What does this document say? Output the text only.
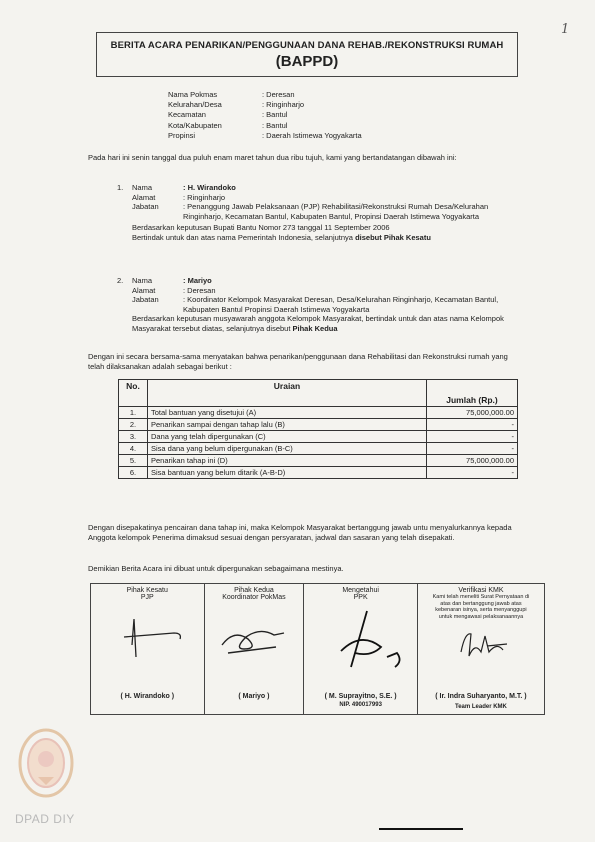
1
BERITA ACARA PENARIKAN/PENGGUNAAN DANA REHAB./REKONSTRUKSI RUMAH
(BAPPD)
Nama Pokmas	: Deresan
Kelurahan/Desa	: Ringinharjo
Kecamatan	: Bantul
Kota/Kabupaten	: Bantul
Propinsi	: Daerah Istimewa Yogyakarta
Pada hari ini senin tanggal dua puluh enam maret tahun dua ribu tujuh, kami yang bertandatangan dibawah ini:
1.	Nama	: H. Wirandoko
Alamat	: Ringinharjo
Jabatan	: Penanggung Jawab Pelaksanaan (PJP) Rehabilitasi/Rekonstruksi Rumah Desa/Kelurahan Ringinharjo, Kecamatan Bantul, Kabupaten Bantul, Propinsi Daerah Istimewa Yogyakarta
Berdasarkan keputusan Bupati Bantu Nomor 273 tanggal 11 September 2006
Bertindak untuk dan atas nama Pemerintah Indonesia, selanjutnya disebut Pihak Kesatu
2.	Nama	: Mariyo
Alamat	: Deresan
Jabatan	: Koordinator Kelompok Masyarakat Deresan, Desa/Kelurahan Ringinharjo, Kecamatan Bantul, Kabupaten Bantul Propinsi Daerah Istimewa Yogyakarta
Berdasarkan keputusan musyawarah anggota Kelompok Masyarakat, bertindak untuk dan atas nama Kelompok Masyarakat tersebut diatas, selanjutnya disebut Pihak Kedua
Dengan ini secara bersama-sama menyatakan bahwa penarikan/penggunaan dana Rehabilitasi dan Rekonstruksi rumah yang telah dilaksanakan adalah sebagai berikut :
No.	Uraian	Jumlah (Rp.)
1.	Total bantuan yang disetujui (A)	75,000,000.00
2.	Penarikan sampai dengan tahap lalu (B)	-
3.	Dana yang telah dipergunakan (C)	-
4.	Sisa dana yang belum dipergunakan (B-C)	-
5.	Penarikan tahap ini (D)	75,000,000.00
6.	Sisa bantuan yang belum ditarik (A-B-D)	-
Dengan disepakatinya pencairan dana tahap ini, maka Kelompok Masyarakat bertanggung jawab untu menyalurkannya kepada Anggota kelompok Penerima dimaksud sesuai dengan persyaratan, jadwal dan sasaran yang telah disepakati.
Demikian Berita Acara ini dibuat untuk dipergunakan sebagaimana mestinya.
Pihak Kesatu
PJP
( H. Wirandoko )

Pihak Kedua
Koordinator PokMas
( Mariyo )

Mengetahui
PPK
( M. Suprayitno, S.E. )
NIP. 490017993

Verifikasi KMK
Kami telah meneliti Surat Pernyataan di atas dan bertanggung jawab atas kebenaran isinya, serta menyanggupi untuk mengawasi pelaksanaannya
( Ir. Indra Suharyanto, M.T. )
Team Leader KMK
DPAD DIY
